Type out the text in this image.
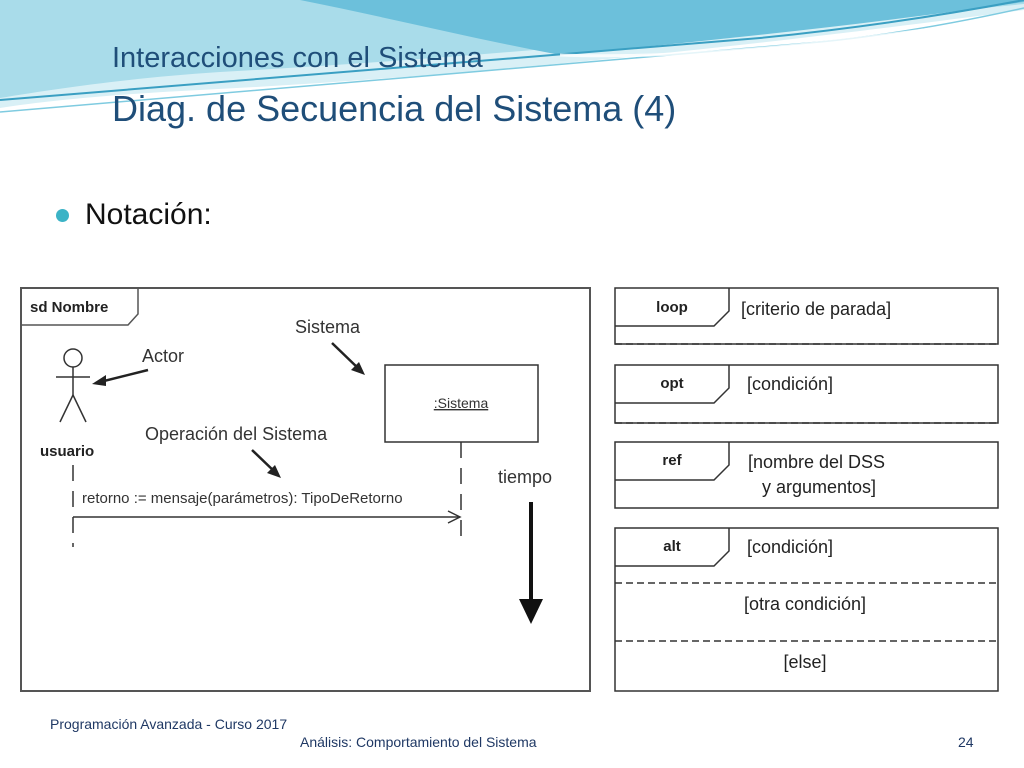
Interacciones con el Sistema
Diag. de Secuencia del Sistema (4)
Notación:
sd Nombre
usuario
Actor
Sistema
:Sistema
Operación del Sistema
retorno := mensaje(parámetros): TipoDeRetorno
tiempo
loop	[criterio de parada]
opt	[condición]
ref	[nombre del DSS
y argumentos]
alt	[condición]
[otra condición]
[else]
Programación Avanzada - Curso 2017
Análisis: Comportamiento del Sistema	24
